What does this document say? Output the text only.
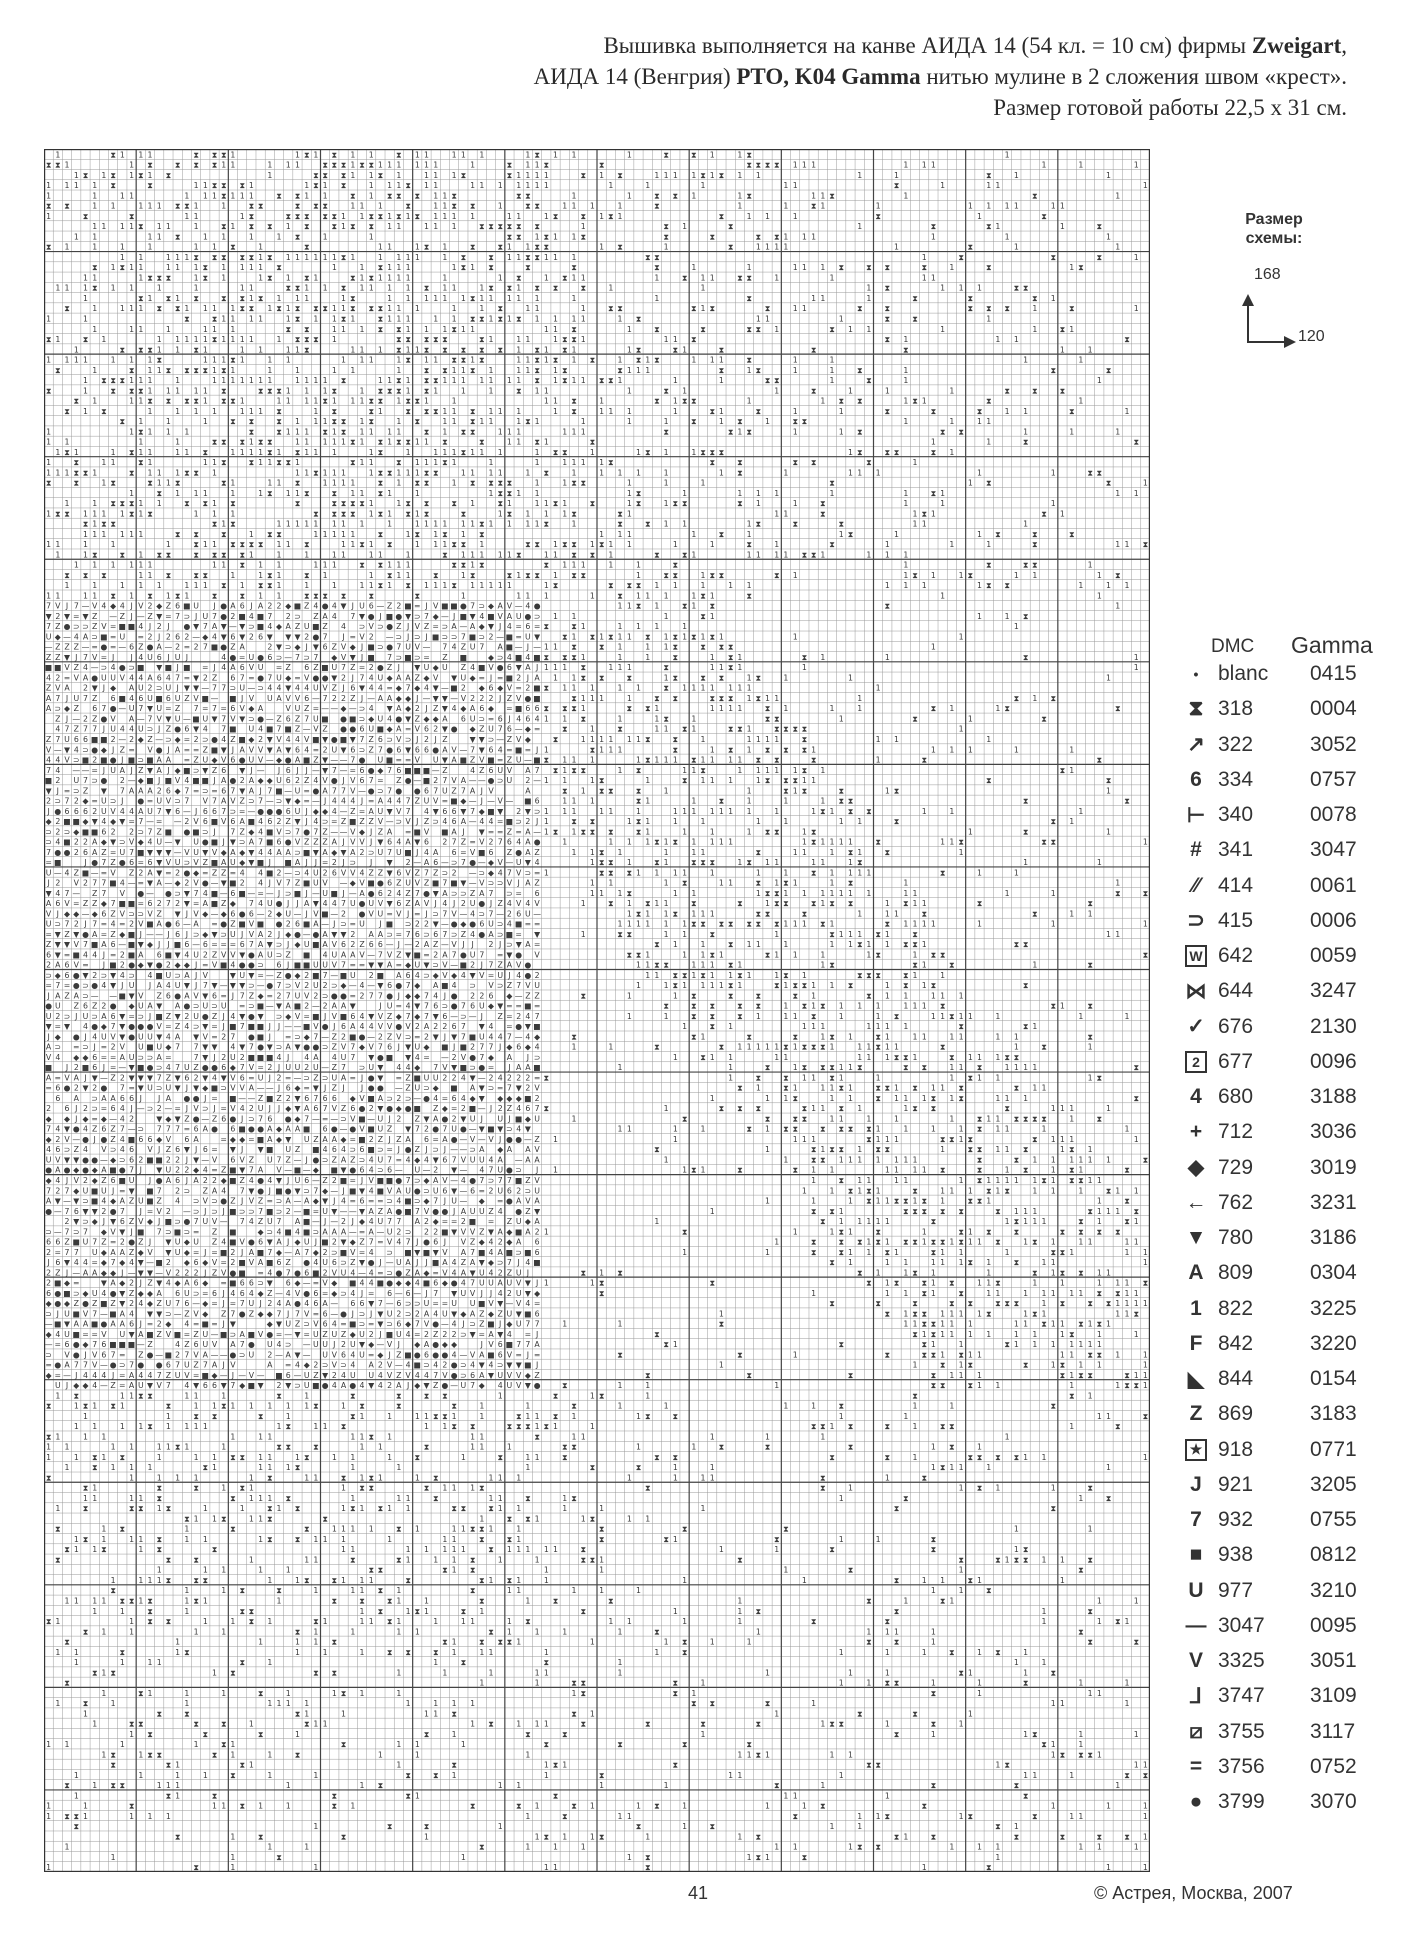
Вышивка выполняется на канве АИДА 14 (54 кл. = 10 см) фирмы Zweigart,
АИДА 14 (Венгрия) PTO, K04 Gamma нитью мулине в 2 сложения швом «крест».
Размер готовой работы 22,5 х 31 см.
1	⧗ 1 1 1	⧗ ⧗ ⧗ 1	1 ⧗ 1 ⧗ 1 1	⧗ 1 1	1 1 1	1 ⧗ 1 1	1	⧗	⧗ 1	1 ⧗	1
⧗ ⧗ 1	1 ⧗	⧗ ⧗ ⧗ 1 1	1 1 1	⧗ ⧗ ⧗ 1 ⧗ ⧗ 1 1 1 1 1 1	1	⧗ 1 1 ⧗	⧗	⧗ ⧗ ⧗ ⧗ 1 1 1	1 1 1	1	1	1
1 ⧗ 1 ⧗ 1 ⧗ 1 ⧗	1	⧗ ⧗ ⧗ 1 1 ⧗ 1	1 1 1 ⧗	⧗ 1 1 1 1	⧗ 1 ⧗	1 1 1 1 ⧗ 1 ⧗ 1 1	1	1	⧗	1	1
1 1 1 1 ⧗	⧗	1 1 ⧗ ⧗ ⧗ 1	1 ⧗ 1 ⧗	1 1 1 ⧗ 1 1	1 1 1 1 1 1 1	1	1	1	1 1	⧗	1	1 1	1
1	1	1 1	1 1 1 ⧗ 1 1 1	⧗ ⧗ 1 1	⧗ 1 ⧗ ⧗ ⧗ 1 1 ⧗	⧗ ⧗	1	1	⧗ ⧗ 1	1 ⧗	1 1 ⧗	1	⧗	1
⧗ ⧗	1 1	1 1 1 ⧗ ⧗ 1	1	⧗ ⧗	⧗ ⧗ ⧗	1 1 1	⧗	1 1 ⧗ ⧗	1	⧗ ⧗	1 1 1	1	⧗	1	1	⧗ 1	1	1 1 1 1	1 1
1	⧗	⧗	1 1	1 ⧗	⧗ ⧗ ⧗ ⧗ ⧗ 1 1 ⧗ ⧗ 1 ⧗ 1 ⧗ 1 1 1 1	1 1	1 ⧗	⧗ 1 ⧗ 1	⧗	1 1	1	⧗	1	⧗
1 1 1 1 ⧗ 1 1	1	⧗ 1 ⧗ ⧗ 1 ⧗	⧗ 1 ⧗ ⧗ 1 1	1 1 1	⧗ ⧗ ⧗ ⧗ ⧗ ⧗	1	⧗ 1	⧗	1	⧗	⧗ 1	1	⧗
1 1	1 1 ⧗	1 1	1	1 ⧗	1	1	⧗ ⧗ 1 ⧗ 1 1 ⧗	⧗	⧗	⧗ ⧗ 1 1 1	1	1	1
⧗ 1	1	1	1	1 1 ⧗	1	⧗	1 1	1 ⧗ 1	⧗	⧗ 1 1 ⧗ ⧗	1 ⧗	1	⧗	1 1 1 1	1	⧗	1	1
1 1	1 1 1 ⧗ ⧗ ⧗ ⧗ ⧗ 1 ⧗ 1 1 1 1 1 1 ⧗ 1	1 1 1 1	1 ⧗	⧗ 1 1 ⧗ ⧗ 1 1 1	⧗ ⧗	1	⧗	⧗	⧗	1
⧗ 1 ⧗ 1 1	1 1 1 ⧗ 1 1 1 1 ⧗	1	1 ⧗ 1 1 1	1 ⧗ 1 ⧗	⧗	⧗	⧗	1	1	1 1 1 ⧗	⧗ ⧗	⧗	1	⧗	1 ⧗
1 1	1 ⧗ ⧗ ⧗	1 ⧗ 1	1 ⧗ 1 ⧗ 1	⧗ 1 ⧗ 1 1 1 1	1	1 ⧗	1 ⧗ 1 1	1	⧗ 1 1	⧗ ⧗	1	1	1 1
1 1 1 ⧗ 1 1	1	1	1 1	⧗ ⧗ 1 1 ⧗ 1 1 1 1 ⧗ 1 1	1 ⧗ ⧗ 1 ⧗ ⧗	⧗	1	1	1 ⧗	1 1 1	⧗ ⧗
1	⧗ 1 ⧗ 1 ⧗	⧗ ⧗ 1 ⧗ 1 1 1	1 ⧗	1 1 1 1 1 1 ⧗ 1 1 1 1 1	1	1	⧗	1 1	1	⧗	⧗	⧗ 1
⧗	1	1 1 1 ⧗ ⧗ 1 1 1 1 ⧗ ⧗ 1 ⧗ 1 ⧗ ⧗ ⧗ 1 1 ⧗ ⧗ ⧗ 1 1 1	1	1 ⧗	1 1	1	⧗ ⧗	⧗ 1 ⧗	⧗	1 1	⧗	⧗	⧗ ⧗ ⧗	1	⧗	1
1	1	⧗	⧗ 1 1 1 1	1 ⧗ 1 1 ⧗ 1	⧗ 1 1 1	1 1 ⧗ ⧗ 1 ⧗ 1 ⧗ 1 1 1 1	1 ⧗	1 1	1	⧗	⧗	1
1	1 1	1	1 1 1	⧗ ⧗	1 1 1 ⧗ ⧗ 1 1 1 ⧗ 1 1	1 1 ⧗	1	⧗	⧗	⧗ ⧗ 1	⧗ 1 1	1	1	⧗ 1
⧗ 1	⧗ 1	1 1 1 1 1 ⧗ 1 1 1 1	1 ⧗ ⧗ ⧗ 1	⧗ ⧗ ⧗ ⧗ ⧗	⧗ 1	1 1	1 ⧗ ⧗ 1	1 1 ⧗	⧗ 1	1 1	⧗
1	⧗ ⧗ ⧗ 1 1 ⧗ 1	1 1	1 1 ⧗	1 1 1 ⧗ 1 1 ⧗ ⧗ ⧗ ⧗ ⧗ 1 ⧗ 1 ⧗ 1	1 ⧗	⧗ 1	⧗	⧗	⧗	1	1
1 1 1 1	1 1 1 ⧗	1 1 1 ⧗ 1	1 1	1 1 1	1 ⧗ 1 1 ⧗ ⧗ 1 ⧗	1 1 ⧗ 1 ⧗ 1 ⧗	1 ⧗ 1 ⧗	1 1 1	⧗	1	1	1	1
⧗	1	⧗ 1 1 ⧗ ⧗ ⧗ ⧗ 1 ⧗ 1	1	1	1 1	1	⧗ ⧗ 1 1 ⧗ 1	1 1 ⧗ 1 ⧗	⧗ 1 1 1	⧗	1 ⧗	1	1	⧗	1	⧗	⧗
1 ⧗ ⧗ ⧗ 1 1 1	1	1 1 1 1 1 1 1	1 1 1 1 ⧗	1 1 ⧗ 1 ⧗ ⧗ 1 1 1 1 1 1 1 ⧗ 1 ⧗ 1 1 ⧗ ⧗ 1	1	1	⧗ ⧗	1	⧗	1	1
⧗	1	⧗ ⧗ ⧗ 1 1 1 1 1 ⧗	⧗ ⧗ ⧗ 1 1 1 ⧗	1 ⧗ ⧗ ⧗ 1 ⧗ 1	1	1	⧗ 1 1	1	⧗ 1	1	⧗	1	1	1	⧗	⧗	⧗
⧗ 1	1 1 ⧗ ⧗ ⧗ ⧗ 1 ⧗ ⧗ 1	1 1 1 1 ⧗ 1 1 1 ⧗ ⧗ 1 ⧗ ⧗ 1	1	1 1 ⧗	1	⧗ 1 ⧗ ⧗	1	1 ⧗ ⧗	1 ⧗ 1	⧗	1
⧗ 1 ⧗	1	1 1 1	1 1 1 ⧗	1 ⧗	⧗ 1	⧗ ⧗ ⧗ 1 1 ⧗ 1 1 1	1 ⧗	1 1 1	1	⧗ 1	⧗	1	1	⧗	⧗	⧗	1 1	⧗	1
⧗ 1	1	1	⧗ ⧗	⧗ 1 1 1 ⧗ ⧗ 1 ⧗	1 ⧗	1 1 ⧗ 1 1	1 ⧗ 1	1	1	1	⧗	1 ⧗	1	⧗ ⧗	1	1	1 1
1	1 ⧗ 1 1 1	⧗	⧗ 1 1 1 ⧗ 1 ⧗ 1 1 1 1	⧗ 1 ⧗ ⧗	1 1 1	1 1 1	⧗	⧗ 1 ⧗	1	1 ⧗	⧗ ⧗	1	1	1
1 1	1	1	⧗ ⧗ ⧗ 1 ⧗ ⧗	1 1 1 1 1 ⧗ 1 ⧗ 1 ⧗ ⧗ 1 1 ⧗	⧗	1 1 ⧗ 1	⧗	1	1	⧗	⧗
1 ⧗ 1	1 ⧗ 1 1	1 1 ⧗	1 1 1 1 ⧗ 1 ⧗ 1 1 1	1 ⧗	1	1 1 1 ⧗ 1 1 1	1 ⧗ ⧗	1	1 ⧗ 1	1 ⧗ ⧗ ⧗	1 ⧗	⧗ ⧗	⧗ 1
1	⧗	1 1	⧗ 1	1 1 ⧗	⧗ 1 1 ⧗ ⧗ 1	⧗ 1 1	⧗ 1 1 1 ⧗ 1	1	1	1 1 1 1 ⧗	⧗	⧗	⧗ ⧗	⧗	1
1 1 1 ⧗ ⧗ 1	⧗ 1 1 1 ⧗ ⧗ 1	1 1 ⧗ 1 1 1	1 ⧗ ⧗ 1 1 1 ⧗ ⧗	1 1 1 1	1 ⧗	1	1 1 1	1	1 ⧗	1	1 1 1	1	1	⧗ ⧗
⧗	⧗	1 ⧗	⧗ 1 1 ⧗	⧗ 1	1 1 ⧗	1 1 1 1	⧗ 1 ⧗ ⧗	1 ⧗ ⧗ ⧗ ⧗	1	1 ⧗ ⧗	1	1	1	⧗	1 ⧗	⧗	1
1	⧗ 1 1 1	1	1 ⧗ 1 1 ⧗	⧗ 1 1 ⧗ 1	1	1 ⧗ ⧗ 1 1	1 ⧗	1	1 1 1	1	1	⧗ 1	1 1
1	1 ⧗ ⧗ ⧗ 1 1	⧗ ⧗ 1 ⧗	⧗	⧗ ⧗ ⧗ ⧗ 1	1 ⧗ ⧗	⧗ 1	⧗ 1	1 1 ⧗ 1	⧗	1 ⧗	1 ⧗ ⧗	⧗ 1	1	⧗	1	1	1
1 ⧗ ⧗ 1 1 1 1 ⧗ 1 ⧗	1 1 1	⧗ ⧗ ⧗ ⧗ 1 ⧗ 1 ⧗ 1 ⧗	⧗	1 ⧗ 1 1 1 ⧗	⧗ 1	1 1	⧗	1 ⧗ 1	⧗ 1
⧗ 1 ⧗ ⧗	⧗ 1 ⧗	1 1 1 1 1 1 1 1	1	1 1 1 1 1 1 ⧗ 1 1 1 1 ⧗	1	⧗	⧗ 1 1	1 ⧗	⧗	⧗	1 1	1
1 1 1 1 1 1	⧗ ⧗	⧗	1 ⧗ ⧗	1 1 1 1 1	⧗	1 ⧗ 1 ⧗ 1 ⧗	1 1 1	1	⧗	1	1 ⧗	1	1 ⧗	⧗	⧗
1 1	1	1	1	⧗ 1 1 ⧗ ⧗ ⧗ ⧗ 1 1 ⧗	1 1 ⧗ 1 ⧗	1 1 1 ⧗ ⧗ 1	⧗ ⧗ 1 ⧗ ⧗ 1 ⧗ 1 1	1	1	⧗	1	⧗	1	1	1	⧗	1 1 ⧗
1	1 ⧗	⧗ 1 ⧗ ⧗	⧗ ⧗ ⧗ ⧗ 1	1	1	1 1	1 1	1	⧗ 1 1 1 1 1 ⧗	1 1 ⧗ ⧗ 1	⧗	⧗ 1	1 1 1 1 ⧗ ⧗ 1	1 1 1
1 1 1 1 1 1	1 1 ⧗ 1 1	1 1 1	⧗ ⧗ 1 1 1	⧗ ⧗ 1 ⧗	⧗ 1 1 1	1	1	⧗	1	⧗	⧗ ⧗	1
⧗ ⧗ ⧗	1 1 ⧗	⧗ ⧗	1	1 ⧗ 1	⧗ 1	1 ⧗ 1 1	⧗	1 ⧗	⧗ 1 ⧗ ⧗ 1 ⧗ ⧗	1	⧗ ⧗	1 ⧗ ⧗	⧗ 1	1 ⧗ 1	1 ⧗	1 1	1 ⧗
1	1	1 1 1	1 1 1 ⧗ 1 ⧗ ⧗ 1	1	1	1 1 ⧗ 1 ⧗ 1 1 1 ⧗ 1 1 1 1 1	1 ⧗	⧗ ⧗ ⧗ 1 1	1	1 1	1 1 1	1 ⧗ ⧗	1	1 1
1 1	1 1 ⧗ 1 ⧗ 1 ⧗ 1	⧗	⧗ 1 1	⧗ ⧗ ⧗ ⧗	⧗	⧗	1	1 1 1	1	⧗ 1 1 1	1 ⧗ 1	⧗	1	1
7 V J 7 — V 4 ◆ 4 J V 2 ◆ Z 6 ■ U J ● A 6 J A 2 2 ◆ ■ Z 4 ● 4 ▼ J U 6 — Z 2 ■ = J V ■ ■ ● 7 ⊃ ◆ A V — 4 ●	1 1 ⧗ 1	⧗ 1 ⧗	⧗	1
▼ 2 ▼ = ▼ Z — Z J — Z ▼ = 7 ⊃ J U 7 ● 2 ■ 4 ■ 7 2 ⊃ Z A 4 7 ▼ ● J ■ ● ▼ ⊃ 7 ◆ — J ■ ▼ 4 ■ V A U ● ⊃ 1 1	1	⧗ 1	1	1 ⧗
7 Z ● ⊃ ⊃ Z V = ■ ■ 4 J 2 J ● ▼ 7 A ▼ — ▼ ⊃ ■ 4 ◆ A Z U ■ Z 4 ⊃ V ⊃ ● Z J V Z = ⊃ A — A ◆ ▼ J 4 = 6 = ⧗	⧗ 1	1 1 1	1	1
U ◆ — 4 A ⊃ ■ = U = 2 J 2 6 2 — ◆ 4 ▼ 6 ▼ 2 6 ▼ ▼ ▼ 2 ● 7 J = V 2 — ⊃ J ⊃ J ■ ⊃ ⊃ 7 ■ ⊃ 2 — ■ = U ▼	⧗ 1 ⧗ 1 ⧗ 1 1 ⧗ 1 ⧗ 1 ⧗ 1 ⧗ 1	1	1
— Z Z Z — = ● = — 6 Z ● A — 2 = 2 7 ■ ● Z A	2 ▼ ⊃ ◆ J ▼ 6 Z V ◆ J ■ ⊃ ● 7 U V — 7 4 Z U 7 A ■ — J — 1 1 ⧗	⧗ 1	1 1 ⧗	⧗ ⧗ ⧗	1
Z Z ▼ J 7 V = J J 4 U 6 J U J	4 ● = U ● 6 ⊃ — 7 ⊃ 7 ◆ V ▼ J ■ 7 ⊃ ■ ⊃ = Z ■	◆ ⊃ 4 ■ 4 ■ ⧗ ⧗ ⧗ 1	1	1	⧗	1 ⧗ 1	⧗ 1	1	⧗	1
■ ■ V Z 4 — ⊃ 4 ● ⊃ ■ ▼ ■ J ■ = J 4 A 6 V U = Z 6 Z ■ U 7 Z = 2 ● Z J ▼ U ◆ U Z 4 ■ V ● 6 ▼ A J 1 1 1 ⧗	1 1 1	⧗	1 1 ⧗ 1	1	1
4 2 = V A ● U U V 4 4 A 6 4 7 = ▼ 2 Z 6 7 = ● 7 U ◆ = V ● ● ▼ 2 J 7 4 U ◆ A A Z ◆ V ▼ U ◆ = J = ■ 2 J A 1 1 ⧗ ⧗	⧗	1 ⧗	⧗ ⧗	1 ⧗	1	1	1
Z V A 2 ▼ J ◆ A U 2 ⊃ U J ▼ ▼ — 7 7 ⊃ U — ⊃ 4 4 ▼ 4 4 U V Z J 6 ▼ 4 4 = ◆ 7 ◆ 4 ▼ — ■ 2 ◆ 6 ◆ V = 2 ■ ⧗ 1 1 1	1 1	⧗ 1 1 1 1 1 1 1	1
A 7 J U 7 Z 6 ■ 4 6 U ■ 6 U Z V ■ — ■ J V U A V V 6 — 7 2 2 Z J — A A ◆ ◆ J — ▼ ▼ — V 2 2 2 J Z V ● ■	⧗ 1 1 1	1	⧗ ⧗	⧗ ⧗ ⧗ 1 ⧗ 1 1	1	⧗ 1 ⧗
A ⊃ ◆ Z 6 7 ● — U 7 ▼ U = Z 7 = 7 = 6 V ◆ A	V U Z = — — ◆ — ⊃ 4 ▼ A ◆ 2 J Z ▼ 4 ◆ A 6 ◆ = ■ 6 6 ⧗ ⧗ ⧗ 1	⧗ ⧗ 1	1 1 1 1	⧗ 1	1	1	⧗ 1	1 ⧗	⧗
Z J — 2 Z ● V A — 7 V ▼ U — ■ U ▼ 7 V ▼ ⊃ ● — Z 6 Z 7 U ■ ● ■ ⊃ ◆ U 4 ● ▼ Z ◆ ◆ A 6 U ⊃ = 6 J 4 6 4 1 1 ⧗	1	1 ⧗	1	⧗ ⧗	1	⧗	1	⧗
4 7 Z 7 7 J U 4 4 U ⊃ J Z ● 6 ▼ 4 7 ■ U 4 ■ 7 ■ Z — V Z ● ● 6 U ■ ◆ A = V 6 2 ▼ ● ◆ Z U 7 6 — ◆ =	⧗	1	⧗	1 1 ⧗ 1	⧗ ⧗ 1	⧗ ⧗ ⧗ ⧗	1
Z 7 U 6 6 ■ ■ 2 — 2 ◆ Z — ⊃ ◆ = 2 ⊃ ● 4 Z ■ ◆ 2 ▼ V 4 4 V ■ ▼ ● ■ ▼ 7 Z 6 ⊃ V ⊃ J 2 J Z	▼ ▼ ⊃ — Z V ◆	⧗	1 1 1 1 1 1 ⧗	⧗	1	1 1 1 1	⧗	1 1	1
V — ▼ 4 ⊃ ● ◆ J Z = V ● J A = = Z ■ ▼ J A V V ▼ A ▼ 6 4 = 2 U ▼ 6 ⊃ Z 7 ● 6 ▼ 6 6 ● A V — 7 ▼ 6 4 = ■ = J 1	⧗ 1 1 1	⧗	1 ⧗ 1 ⧗ ⧗ ⧗ 1	1 1 1	1	1
4 4 V ⊃ ■ 2 ■ ● J ■ ⊃ ■ A A = Z U ◆ V 6 ● U V — ◆ ● A ■ Z ▼ — — 7 ● U ■ = = V U ▼ A ■ Z V ■ = Z U — ■ ⧗ 1 1 1	1 ⧗ 1 1 1 ⧗ 1 1 1 1 ⧗ ⧗	⧗	1	⧗	⧗
7 4 — — = J U A J Z ▼ A J ◆ ■ ⊃ ▼ Z 6 ▼ J — J 6 J J — ▼ 7 — = 6 ● ◆ 7 6 ■ ■ ■ — Z	4 Z 6 U V A 7 ⧗ 1 ⧗ ⧗	1 ⧗	1 1 ⧗	1 1 1 1 1 ⧗ 1	⧗ 1
■ 2 U 7 ⊃ ● 2 — ◆ ■ J ■ V 4 ■ ■ J A ● 2 A ◆ ◆ U 6 2 Z 4 V ● J V 6 7 = Z ● — ■ 2 7 V A — — ● ⊃ U 2 — 1 1	1 ⧗	1	⧗ 1 1 1	1 ⧗ ⧗ ⧗ 1 1	⧗	⧗
▼ J = ⊃ Z ▼ 7 A A A 2 6 ◆ 7 = ⊃ = 6 7 ▼ A J 7 ■ — U = ● A 7 7 V — ● ⊃ 7 ● ● 6 7 U Z 7 A J V	A	⧗ 1 ⧗ ⧗	⧗	1	1	⧗ 1 ⧗	⧗	1 ⧗	1
2 ⊃ 7 2 ◆ = U ⊃ J ● = U V ⊃ 7 V 7 A V Z ⊃ 7 — ⊃ ▼ ◆ = — J 4 4 4 J = A 4 4 7 Z U V = ■ ◆ — J — V — ■ 6	1 1 1	⧗ 1	1	⧗	1	1	1 ⧗ ⧗	⧗	⧗
J ● 6 6 6 2 U V 4 4 A U 7 ▼ 6 — J 6 6 7 ⊃ = — ● ● ● 6 U J ◆ ◆ 4 — Z = A U ▼ V 7 4 ▼ 6 6 ▼ 7 ◆ ■ ▼ 2 ▼ ⊃ 1 1 1	1 1	1	1 1 1 1 1 1 1	1	1 ⧗ 1 ⧗ ⧗	1	1	1
◆ 2 ■ ■ ◆ ▼ 4 ◆ ▼ = 7 — = — 2 V 6 ■ V 6 A ■ 4 6 2 Z ▼ J 4 ⊃ = Z ■ Z Z V — ⊃ V J Z ⊃ 4 6 A — 4 4 = ■ ⊃ 2 J 1	⧗ ⧗	1 ⧗ 1	1	1	1	1	1 1	⧗	⧗ 1
⊃ 2 ⊃ ◆ ■ ■ 6 2 2 ⊃ 7 Z ■ ● ■ ⊃ J 7 Z ◆ 4 ■ V ⊃ 7 ● 7 Z — — V ◆ J Z A = ■ V ■ A J ▼ = = Z = A — 1 ⧗ 1 ⧗ ⧗ ⧗	⧗ 1	1	1	1 ⧗ ⧗	1 ⧗	1	⧗	1
⊃ 4 ■ 2 2 A ◆ ▼ ⊃ V ◆ 4 U — ▼ U ● ■ J ▼ ⊃ A 7 ■ 6 ● V Z Z Z A J V V J ▼ 6 4 A ▼ 6 2 7 Z = V 2 7 6 4 A ●	1	1 1 1 ⧗ 1 ⧗ 1 1 1 1	1 ⧗ 1 1 1 1	⧗	1 1 ⧗	⧗ ⧗	1
7 ● ● 2 6 A Z = U 7 ■ ▼ ▼ ▼ — V U ▼ V ◆ A ◆ ▼ 4 4 A A ⊃ ■ ▼ A ◆ ▼ A 2 ⊃ U 7 U ■ J 4 A 6 = V ■ 6 Z ● A Z	1 1 ⧗ 1	1	1 1	⧗	1 1	1 ⧗ 1	⧗	1
= ■	J ● 7 Z ● 6 = 6 ▼ V U ⊃ V Z ■ A U ◆ ▼ ■ J ■ A J J = 2 J ⊃ J ▼ 2 — A 6 — ⊃ 7 ● — ◆ V — U ▼ 4	1 ⧗ ⧗ 1	⧗ 1	⧗ ⧗ ⧗	1 ⧗ 1 1	1 1	1 ⧗	1	1
U — 4 Z ■ — = V Z 2 A ▼ = 2 ● ◆ = Z Z = 4 4 ■ 2 — ⊃ 4 U 2 6 V V 4 Z Z ▼ 6 V Z 7 Z ⊃ 2 — ⊃ ◆ 4 7 V ⊃ = 1	⧗ ⧗ ⧗ 1 1 1 1	1	1	1	⧗ 1 1 1 1	⧗	1	1
J 2 V 2 7 7 ■ 4 — = ▼ A — ◆ 2 V ● — ▼ ■ 2 4 J V 7 Z ■ U V — ◆ V ■ ● 6 Z U V Z ■ 7 ■ ▼ — V ⊃ ⊃ V J A Z	1 1	1 ⧗	1 1	⧗ 1 ⧗ 1	1 ⧗	1	1
▼ 4 7 — Z 7 V ● — ● ⊃ ▼ 7 4 ■ — 6 ■ — = — J ⊃ ■ J — U ■ J — A ● 6 2 4 Z 7 ● ▼ A ⊃ ⊃ Z A 7 ⊃ = 6	1 1 1 ⧗	1 1	1 ⧗ ⧗ 1 1 1 1 1 1 1	1 1	1	1	⧗	⧗
A 6 V = Z Z ◆ 7 ■ ■ = 6 2 7 2 ▼ = A ■ Z ◆ 7 4 U ● J J A ▼ 4 4 7 U ● U V ▼ 6 Z A V J 4 J 2 U ● J Z 4 V 4 V	1	⧗ 1 ⧗ 1 1	⧗	⧗	1 ⧗ ⧗	⧗ 1 ⧗ ⧗	1 ⧗ 1 1	⧗	⧗
V J ◆ ◆ — ◆ 6 Z V ⊃ ⊃ V Z ▼ J V ◆ — ◆ 6 ● 6 — 2 ◆ U — J V ■ — 2 ● V U = V J = J ⊃ 7 V — 4 ⊃ 7 — 2 6 U —	1 ⧗ 1 1 ⧗ 1 1 1	⧗ ⧗	⧗	1	1 1	⧗	⧗	1 1
U ⊃ 7 2 J 7 = 4 = 2 V ■ A ● 6 — A = ● Z ■ V ■ ● 2 6 ■ A — J ⊃ = U J ■ ⊃ 2 2 ▼ — ● ◆ ● 6 U ⊃ 4 ■ = =	1 1 1 1 1 1 ⧗ ⧗ ⧗ ⧗ ⧗ ⧗ ⧗ 1 1 1 ⧗ 1	⧗ 1 1 1 1	1	1	1
= ▼ Z ▼ ● A = Z ◆ ■ J — — J 6 J ⊃ ◆ ▼ ⊃ U J V A 2 J ◆ ● — ● A ▼ ▼ 2 A A ⊃ = 7 6 ⊃ 6 7 ⊃ Z 4 ● A ⊃ ■ = ▼	1	⧗ ⧗	1 1	⧗	1	⧗ 1 1 1 ⧗ 1	⧗	1 1
Z ▼ ▼ V 7 ■ A 6 — ■ ▼ ◆ J J ■ 6 — 6 = = = 6 7 A ▼ ⊃ J ◆ U ■ A V 6 2 Z 6 6 — J — 2 A Z — V J J 2 J ⊃ ▼ A =	⧗ 1	1	⧗ 1 1	1	1 1 ⧗ 1 1 ⧗ ⧗ 1	⧗ ⧗
6 ▼ = ■ 4 4 J = 2 ■ A 6 ■ ▼ 4 U 2 Z V V ▼ ● A U ⊃ Z ■ 4 U A A V — 7 V Z ▼ ■ = 2 A 7 ● U 7 = ▼ ● V	⧗ ⧗ 1	1 1 ⧗ 1	⧗ 1 1	1	1 ⧗	1 ⧗ ⧗	⧗
2 A 6 V = J ■ 2 ● ◆ ▼ ● 2 ◆ ◆ J = V ■ 4 ● ● ⊃ 6 J ■ ■ U U V 7 = = ▼ ▼ A = ◆ U ▼ ⊃ V — ■ 2 J 7 Z A V ●	1 1 ⧗ ⧗	1 1 1 ⧗ 1	1 ⧗	⧗ 1	⧗	1	⧗
⊃ ◆ 6 ● ▼ 2 ⊃ ▼ 4 ⊃ 4 ■ U ⊃ A J V	▼ U ▼ = — Z ● ◆ 2 ■ 7 — ■ U 2 ■ A 6 4 ⊃ ◆ V ◆ 4 ▼ V = U J 4 ● 2	1 1 ⧗ ⧗ 1 ⧗ 1 1 ⧗ 1	1 ⧗ 1	⧗ ⧗ ⧗	⧗ 1	1
= 7 = ● ⊃ ● 4 ▼ J U J A 4 U ▼ J 7 ▼ — ▼ ▼ ⊃ — ● 7 ⊃ V 2 U 2 ⊃ ◆ — 4 — ▼ 6 ● 7 ◆ A ■ 4 ⊃ V ⊃ Z 7 V U	1	1 ⧗ 1 1 1 1 ⧗ 1	⧗ 1 ⧗ ⧗ 1 1 ⧗	1 ⧗ 1 ⧗	⧗
J A Z A ⊃ — — ■ ▼ V Z 6 ● A V ▼ 6 = J 7 Z ◆ = 2 7 U V 2 ⊃ ● ● = 2 7 7 ● J ◆ ◆ 7 4 J ● 2 2 6 ◆ — Z Z	⧗	1	1 ⧗	⧗	⧗	⧗ 1	⧗ 1 1	1 1 1
● U Z 6 Z 2 ● ◆ U A ▼ A ● ⊃ U ⊃ U = ⊃ ■ — ▼ A ■ 2 — 2 A A ▼	J U = 4 ▼ 7 6 ⊃ ● 7 6 U ◆ ▼ = = ■ =	⧗	⧗ ⧗	⧗ ⧗	1 ⧗ 1 ⧗ 1 1 1	1 1 1 ⧗	⧗ 1	⧗
U 2 ⊃ J U ⊃ A 6 ▼ = ⊃ J ■ Z ▼ 2 U ● Z J 4 ▼ ● ▼ ⊃ ◆ V = ■ J V ■ 6 4 ▼ V Z ◆ 7 ◆ 7 ▼ 6 — ⊃ — J Z = 2 4 7	1	1	⧗ ⧗	⧗ 1	1 1 ⧗	1	1 ⧗	1 1 ⧗ 1 1	1	1	1
▼ = ▼ 4 ● ◆ 7 ▼ ● ● ● V = Z 4 ⊃ ▼ = J ■ 7 ■ ■ J J — — ■ V ● J 6 A 4 4 V V ● V 2 A 2 2 6 7 ▼ 4 = ● ▼ ■	1	⧗ 1	1 1 1	1 1 1 1	⧗	⧗ 1
J ◆ ● J 4 U V ▼ ● U U ▼ 4 A ▼ V = 2 7 ● ■ J = ⊃ ◆ 7 — Z 2 ■ ● — 2 Z V ⊃ = 2 ▼ J ▼ 7 ■ U 4 4 7 — 4 ◆	⧗	⧗ 1	⧗	⧗	1 ⧗ 1	⧗ 1	1 1	1 1	1 1	⧗
A ⊃ = ⊃ J = 2 V U ■ U ◆ 7 7 ▼ ▼ 4 ▼ 7 ● ▼ ⊃ A ▼ ● ● ⊃ Z V 7 ◆ V 7 6 J ▼ U ◆ ■ J ■ 2 7 7 J ◆ 6 ◆ 4	1	1	⧗	⧗ 1 1 1 1 1 ⧗ 1 ⧗ ⧗ ⧗ 1	1 1 ⧗ 1 1	⧗	1	⧗	1
V 4 ◆ ◆ 6 = = A U ⊃ ⊃ A =	7 ▼ J 2 U 2 ■ ■ ■ 4 J 4 A 4 U 7 ▼ ● ■ ▼ 4 = — 2 V ● 7 ◆ A J ⊃	1	⧗ 1 1	1 1	1 1 1 ⧗ ⧗ 1	⧗ 1 1 1 ⧗ ⧗
■ J 2 ■ 6 J = — ▼ ■ ● ⊃ 4 7 U Z ● ● 6 ◆ 7 V = 2 J U U 2 U — Z 7 ⊃ U ▼ 4 4 ◆ 7 V ▼ ■ ⊃ ● = J A A ■	1	1	⧗	1 ⧗ ⧗ ⧗ 1 1 ⧗	⧗ ⧗	1 1 ⧗	1 1 1 1	⧗
A = V A J ▼ — Z 2 ▼ ▼ ▼ 7 Z ▼ 6 2 ▼ 4 ▼ V 6 = U J 2 = — ⊃ Z ⊃ U A = J ● ▼ = Z ■ U U 2 2 4 ▼ — 2 4 2 2 2 = ⧗	1	⧗	⧗ 1 1 ⧗ 1	1	1 ⧗ 1 1	1 ⧗
= 6 ● 2 ▼ 2 ● 7 = ▼ U ⊃ U ▼ J ▼ ◆ ■ ⊃ V V A — — J 6 ◆ = ▼ J Z J J ● ● — Z U ⊃ ◆ ■ A ▼ ⊃ = 7 ▼ 2 V	⧗ 1	⧗ 1	1 1 ⧗ 1	⧗ ⧗ 1 ⧗ 1 1 ⧗	⧗ 1 1
6 A ⊃ A A 6 6 J J A ● ● J = ■ — — Z ■ Z 2 ▼ 6 7 6 6 ◆ V ■ A ⊃ 2 ⊃ — ● 4 = 6 4 ◆ ▼ ◆ ◆ ◆ ■ 2	1	1 1 ⧗	1 1	⧗ 1 1 1 ⧗ 1 ⧗	1 1 1	⧗
2 6 J 2 ⊃ = 6 4 J — ⊃ 2 — = J V ⊃ J = V 4 2 U J J ◆ ▼ A 6 7 V Z 6 ● 2 ▼ ● ◆ ● ■ Z ◆ = 2 ■ — J 2 Z 4 6 7 ⧗	1	⧗ ⧗ ⧗	⧗ 1 1 ⧗ 1	1 ⧗ ⧗	⧗	1 1 1	1
◆ ◆ J ◆ = ◆ — 4 2	▼ ◆ ▼ Z ● — Z 6 ● J ⊃ 7 6 ● ◆ 7 — = — ⊃ V ■ — U J 2 Z ▼ A ● 2 ▼ U J U J ■ ◆ U	1	⧗	⧗	⧗ ⧗	1 1	1	1	1	⧗ 1 1 ⧗ ⧗ ⧗ ⧗	1	⧗
7 4 ▼ ● 4 Z 6 Z 7 — ⊃ 7 7 7 = 6 A ● 6 ■ ● ● A ◆ A A ■ 6 ● — ● V ■ U Z ▼ 7 2 ● 7 U ● — ▼ ■ ▼ ⊃ 4 ▼	1 1	1	1	⧗ 1 ⧗ ⧗	⧗ ⧗ ⧗ ⧗ 1	1	1	1 ⧗ 1 1	1	1
◆ 2 V — ● J ● Z 4 ■ 6 6 ◆ V 6 A	= ◆ ◆ = ■ A ◆ ▼ U Z A A ◆ = ■ 2 Z J Z A 6 = A ● — V — V J ● ● — Z 1	1	1 1 1	⧗ 1 1 1	⧗ ⧗ 1 ⧗	⧗ 1 1 1	1
4 6 ⊃ Z 4 V ⊃ 4 6 V J Z 6 ▼ J 6 = ▼ J ▼ ■ U Z ■ 4 6 4 ⊃ 6 ■ ⊃ = J ● Z J ⊃ J — — ⊃ A ◆ A A V	⧗	1	⧗ 1 ⧗ ⧗ 1 ⧗ ⧗	1	⧗ ⧗ 1 1 ⧗	1 ⧗ 1
U V ▼ ▼ ● ● — ◆ ⊃ 6 2 ■ ■ 2 2 J ▼ — V 6 V Z U 7 Z — J ● ⊃ Z A Z ⊃ 4 U 7 = 4 ◆ 4 ▼ 6 7 V U U 4 A — A A	1	1	⧗ ⧗ 1 1 1 1 1 1 1	⧗	⧗ 1 1 1 1 1 1	⧗
● A ● ◆ ● ◆ A ■ ● 7 J ▼ U 2 2 ◆ 4 = Z ■ ▼ 7 A V — ■ — ◆ ■ ▼ ● 6 4 ⊃ 6 — U — 2 ▼ — 4 7 U ● ⊃ J 1	1 ⧗ 1	⧗	⧗ 1 1	1 1 1 1 ⧗	⧗	1 ⧗	1 ⧗ 1	⧗
◆ 4 J V 2 ◆ Z 6 ■ U J ● A 6 J A 2 2 ◆ ■ Z 4 ● 4 ▼ J U 6 — Z 2 ■ = J V ■ ■ ● 7 ⊃ ◆ A V — 4 ● 7 ⊃ 7 7 ■ Z V	1	⧗ 1 1	1 1	1 ⧗ 1 1 1 1 1 ⧗ 1 ⧗ ⧗ 1 1
7 2 7 ◆ U ■ U J = ▼ ■ 7 2 ⊃ Z A 4 7 ▼ ● J ■ ● ▼ ⊃ 7 ◆ — J ■ ▼ 4 ■ V A U ● ⊃ U 6 ▼ — 6 = 2 U 6 2 ⊃ U	1	1 ⧗ 1 ⧗ 1	⧗	1 1 1 ⧗ 1 ⧗	1 1	1	⧗ 1 1
A ▼ — ▼ ⊃ ■ 4 ◆ A Z U ■ Z 4 ⊃ V ⊃ ● Z J V Z = ⊃ A — A ◆ ▼ J 4 = 6 = = ⊃ 4 ■ ⊃ ◆ 7 J U — ◆ = ● A V A	1	1	1 ⧗ 1 1 ⧗ ⧗ 1 ⧗ 1	⧗ ⧗ 1	1	⧗
● — 7 6 ▼ ▼ 2 ● 7 J = V 2 — ⊃ J ⊃ J ■ ⊃ ⊃ 7 ■ ⊃ 2 — ■ = U ▼ — — ▼ A Z A ● ■ 7 V ● ● J A U U Z 4 ● Z ▼	1	⧗ ⧗ 1	⧗ ⧗ ⧗ ⧗ ⧗	⧗ 1 1 1	⧗ 1 1 1 ⧗
2 ▼ ⊃ ◆ J ▼ 6 Z V ◆ J ■ ⊃ ● 7 U V — 7 4 Z U 7 A ■ — J — 2 J ◆ 4 U 7 7 A 2 ◆ = = 2 ■ = Z U ◆ A	1	⧗ 1 1 1 1 1	⧗	1 ⧗ 1 1 1	⧗ 1	⧗ 1
⊃ — 7 ⊃ 7 ◆ V ▼ J ■ 7 ⊃ ■ ⊃ = Z ■	◆ ⊃ 4 ■ 4 ■ ⊃ A A A — = A — U 2 ⊃ 2 2 ■ ▼ V V Z ▼ A ◆ ■ A 2 1	⧗	1	1 ⧗ 1	⧗	1	⧗ 1 ⧗	⧗	⧗ ⧗ ⧗ ⧗
6 6 Z ■ U 7 Z = 2 ● Z J ▼ U ◆ U Z 4 ■ V ● 6 ▼ A J ◆ U J ■ 2 ▼ ◆ Z 7 = V 4 7 J ● 6 J V Z ◆ 4 2 ◆ A 6	1	⧗	⧗ ⧗ 1 ⧗ 1 ⧗ ⧗ 1 ⧗ ⧗ 1 ⧗ 1 1 ⧗	1 ⧗ 1	1 1	1 1
2 = 7 7 U ◆ A A Z ◆ V ▼ U ◆ = J = ■ 2 J A ■ 7 ◆ — A 7 ◆ 2 ⊃ ■ V = 4 ⊃ ■ ▼ ■ ▼ V A 7 ■ 4 A ■ ⊃ ■ 6	1	1	⧗	⧗ 1 1 ⧗ 1	⧗ 1 1	1	⧗ ⧗ 1	1 1
J 6 ▼ 4 4 = ◆ 7 ◆ 4 ▼ — ■ 2 ◆ 6 ◆ V = 2 ■ V A ■ 6 Z ● 4 U 6 ⊃ Z ▼ ● J — U A J J ■ A 4 Z A ▼ ◆ ⊃ 7 J 4 ■	⧗ 1	1 1	1 1 1 ⧗ 1	⧗	1 1	1
2 Z J — A A ◆ ◆ J — ▼ ▼ — V 2 2 2 J Z V ● ■ = 4 ● 7 ● 6 ■ 2 V U 4 — 4 = ⊃ ● Z A ◆ = V 4 A ▼ U 4 2 Z U J	⧗ 1 ⧗	⧗ 1	1 ⧗ 1	1	⧗ 1 ⧗ ⧗ 1 1
2 ■ ◆ =	▼ A ◆ 2 J Z ▼ 4 ◆ A 6 ◆ = ■ 6 6 ⊃ ▼ 6 ◆ — = V ◆ ■ 4 4 ■ ● ◆ ◆ 4 ■ 6 ◆ ● 4 7 U U A U V ▼ J 1	1 ⧗	⧗	⧗ 1 ⧗	⧗ 1 ⧗	1 1 ⧗	1	1	1 1 1 ⧗
6 ● ■ ⊃ ◆ U 4 ● ▼ Z ◆ ◆ A 6 U ⊃ = 6 J 4 6 4 ◆ Z — 4 V ● 6 = ◆ ⊃ 4 J = 6 — 6 — J 7 ▼ U V J J 4 2 U ▼ ◆	⧗	1	1 1 ⧗ 1	⧗	1 1	1 1 1 1 1 ⧗ ⧗ 1 1
◆ ● ◆ Z ● Z ■ Z ▼ 2 4 ◆ Z U 7 6 — ◆ = J = 7 U J 2 4 A ● 4 6 A — 6 6 ▼ 7 — 6 ⊃ ⊃ U = = U U ■ V ▼ — V 4 =	⧗	⧗	⧗	⧗ ⧗	⧗ ⧗ ⧗	1 ⧗	⧗ ⧗ 1 1 1 1
⊃ J U ■ V 7 — ■ A 4 ▼ ▼ ⊃ — Z V ◆ Z 7 ● Z ◆ ◆ 7 J 7 V = 6 — ● J ⊃ J ▼ U 2 ⊃ 2 A 4 U ▼ ◆ A Z ◆ Z U ▼ ■ 6	1	⧗ 1 ⧗ ⧗ 1 1 1 1 ⧗	1 ⧗ 1	1 1 ⧗
— ■ ▼ A A ■ ● A A 6 J = 2 ◆ 4 = ■ = J ▼	◆ ▼ U Z ⊃ V 6 4 = ■ ⊃ = ▼ ⊃ 6 ◆ 7 V ● — 4 J ⊃ Z ■ J ◆ U 7 7	1	1	⧗	1 1 ⧗ ⧗ 1 1 1	1 1 ⧗ 1 1 ⧗ 1 ⧗ 1
◆ 4 U ■ = = V U ▼ A ■ Z V ■ = Z U — ■ ⊃ A ■ V ● = — ▼ = U Z U Z ◆ U 2 J ■ U 4 = 2 Z 2 2 ⊃ ▼ = A ▼ 4 = J	⧗	⧗ 1 ⧗ 1 1 1 1	1 1	1 ⧗	1	1
— = 6 ● ◆ 7 6 ■ ■ ■ — Z	4 Z 6 U V A 7 ● U 4 ⊃ — U U J 2 U ▼ ◆ — V J ◆ A ● ◆ ◆	J V 6 ■ 7 7 A	⧗ 1	⧗	⧗ 1	1	⧗ 1 1 1 1 1 1 1
⊃ V ● J V 6 7 = Z ● — ■ 2 7 V A — — ● ⊃ U 2 — A ▼ — U V 6 4 U = ◆ J Z ■ ● 6 ● ● 4 — V A ■ 6 V = J =	⧗	⧗	1	⧗	⧗ ⧗ 1 ⧗ 1 1	1 1 ⧗ ⧗ 1	1
= ● A 7 7 V — ● ⊃ 7 ● ● 6 7 U Z 7 A J V	A = 4 ◆ 2 ⊃ V ⊃ 4 A 2 V — 4 ■ ⊃ 4 2 ● ⊃ 4 ▼ 4 ⊃ ▼ ▼ ■ J	1	1	⧗ 1 ⧗	⧗	1 ⧗ 1 1	1
◆ = — J 4 4 4 J = A 4 4 7 Z U V = ■ ◆ — J — V — ■ 6 — U Z ▼ 2 4 U U 4 V Z V 4 4 7 V ● ⊃ 6 A ▼ U V V ◆ Z	⧗	⧗	⧗	⧗ 1 1 1	⧗ 1 ⧗ ⧗	⧗ 1 1
U J ◆ ◆ 4 — Z = A U ▼ V 7 4 ▼ 6 6 ▼ 7 ◆ ■ ▼ 2 ▼ ⊃ U ■ ● 4 A ● 4 ▼ 4 2 A J ◆ ▼ Z ● — U 7 ◆ 4 U V ▼ ●	⧗	1	1	1	⧗ ⧗	⧗ 1 1	1	1 ⧗ ⧗ 1
1 ⧗	1 1 ⧗ ⧗	1 1	1	⧗	1	⧗	⧗	⧗ ⧗	1	⧗	1 ⧗	1	⧗	⧗ 1
⧗	1 ⧗ 1 ⧗ 1	⧗	1 1 ⧗ 1 1 1 1 1 ⧗	1 ⧗	⧗	⧗	1	1	⧗	1	1	1	1	⧗	1	1	⧗
1	1	⧗ ⧗	⧗	1	⧗ 1	1	1 1 ⧗ ⧗ 1	1	⧗ 1 1 ⧗ 1	1 ⧗	⧗	1	1	1 1	⧗
1 1	1 1 ⧗ 1 1 1 1	1 ⧗	1 1 ⧗	1 1 ⧗ ⧗	⧗ ⧗ ⧗ 1 ⧗ 1	1	⧗ ⧗ 1 ⧗	⧗	1	⧗ ⧗	1	⧗
⧗ 1	1 1	1	1 1	1 1 ⧗ 1	1 1	⧗	1 1	1	1	1	1
1 1	1 1	1 1 ⧗ 1	1	⧗ ⧗	⧗	1 1	⧗	1 1	1	⧗ ⧗	1	1	⧗	⧗	⧗	1 ⧗	1
1	1 ⧗ 1 ⧗	1	1 1 ⧗ ⧗ 1 1	1 ⧗	1 1	1	⧗	1	⧗	1 1	⧗	⧗ ⧗	⧗	⧗	1	⧗ ⧗ ⧗ ⧗ 1 1	1
1	⧗ 1 1 1	⧗ 1	1 1 1 ⧗	1	1	1	⧗	⧗	1	1	1 ⧗ 1 1	1	1
⧗	1	1 1 1	1 ⧗	1 1	⧗ 1 ⧗ 1	1 ⧗	1 1 1	1	1	1 1	⧗	1	⧗
⧗ 1	⧗	⧗	1 ⧗ 1	1 ⧗ ⧗	⧗ 1 1 1 ⧗	⧗	⧗	1	1 ⧗ 1	1	⧗
1 1	1 1 ⧗	⧗ 1 1 1 ⧗	1	1 1	⧗	1 1	⧗	1 ⧗	1	⧗	1	⧗
1	⧗	⧗ ⧗ 1 ⧗	1	1	⧗ 1 ⧗	1 ⧗ 1 ⧗ 1 1	⧗ ⧗	⧗ 1 1	1	1	1	⧗	⧗
⧗ 1 1 ⧗	1 1 ⧗	⧗	1	⧗ ⧗ 1	1 ⧗	1 1
⧗	1 ⧗	1	⧗	⧗	1 1 1 1	⧗ 1	1 1 ⧗ ⧗ 1	1	⧗	⧗	⧗	1	1
1 ⧗ 1	1 1 ⧗	1 1	1 ⧗	⧗ 1 1 1	1	1 1	⧗	⧗ 1	⧗	⧗ 1	⧗	1	1	⧗
⧗ 1 1 ⧗	1 ⧗	⧗	1 1	1 1 1 1 1	⧗ 1 1 1 1 1	⧗	1	1	⧗	⧗	1 ⧗
⧗	⧗	⧗	1	1 1	⧗	⧗ 1	1 1 ⧗	1	1	⧗ ⧗ 1	⧗	⧗	⧗ 1 ⧗ ⧗ 1 1	⧗
1	1 1	1	1	⧗ ⧗	⧗ 1 ⧗	1	1	1	⧗	1	⧗
1	1 1 1 ⧗	⧗ ⧗	1	1 ⧗	⧗ 1 1 1	⧗	⧗ 1 ⧗ 1	1	1	1	⧗	1 1	⧗ 1	1
⧗	1	1 ⧗	⧗	1	1 1 ⧗ 1	⧗	1 1	1	1	1	1	1	⧗
1 1 1 1 ⧗ ⧗ 1 ⧗	1 ⧗ 1	1	⧗	⧗	⧗ 1	1	⧗	1	⧗	⧗	1	⧗	1	⧗ 1	1	1
1	1	⧗	1	⧗ ⧗	1 ⧗	1 ⧗ 1	⧗ 1	⧗	1	1 ⧗	⧗	1	⧗
⧗ 1	1 ⧗ ⧗	1	1 ⧗ 1	⧗ 1	1 1 ⧗ 1	1	1 1	1 ⧗	1 1	1	1	⧗	⧗	1	1 ⧗ 1
⧗ 1	1	1	1	⧗ 1	1	1 1	⧗ 1	1	1	1	⧗	1	1 1 1	1	⧗
⧗	1	1	1 1 ⧗	⧗ 1	⧗ ⧗ ⧗ 1	1	1 ⧗	1	1	⧗	⧗	1	⧗	⧗
1 1	⧗	1 ⧗	1	1	1	⧗ ⧗	⧗ 1	1 1	1	1	⧗	1	1	1	⧗	1 ⧗	1
1	1	1 1	⧗	1	1	⧗	⧗	1	1	1
⧗ 1 ⧗	1 ⧗	⧗ ⧗	1	1	1	1 1	1	1	1	1	⧗ 1	1	⧗
⧗	1	1	⧗ ⧗	⧗	1	1	1 ⧗ ⧗	1	1	⧗	1	1
1	⧗ 1	1	1	⧗	1	1 ⧗ 1	1	1 ⧗	⧗ 1	⧗	1	1 1
1	⧗	1	1	1 1 1 1	1	1 1 1	⧗ ⧗	⧗	1	1 1	1
1	⧗	⧗	⧗ 1	1	1 1 ⧗	⧗ 1	1	⧗	⧗	1
1	⧗ ⧗	⧗	⧗	1	⧗ 1 1	1 ⧗	1 1 1	⧗	⧗	⧗	⧗	1 ⧗ ⧗	1	⧗	1
1 ⧗	⧗	⧗	1	⧗	1	⧗	⧗	1	⧗	1	1 ⧗	1	1
1 1	1	1	⧗ 1	⧗	1 1	1	⧗	⧗	⧗	⧗	⧗ 1	1
1 ⧗	1 ⧗ ⧗	⧗ 1	1	⧗	1	1	1	1 1 ⧗ 1	1 1	1 ⧗ ⧗ ⧗ 1
⧗	⧗ 1	⧗ 1	1	⧗	1 ⧗ 1	⧗	⧗ ⧗	1 ⧗	1 1
1	1	1	1	⧗	1	1	⧗	⧗ 1	1	⧗	1 1	1	1 1	1	⧗ ⧗
⧗	1 ⧗ ⧗	1 1 1	1	1 ⧗	1 1	1	1	⧗	1	⧗	⧗	1
1	⧗ 1	⧗	⧗	⧗ 1	⧗	1 1	1	⧗
1	1	⧗	1 1 ⧗ 1	1	⧗ 1	⧗	⧗ 1	⧗ 1	1 ⧗	1	1	1 ⧗	⧗	1	1	1
1 ⧗ ⧗ 1	1 1 1	1	⧗	1 1	⧗	1 1 ⧗	1 ⧗	⧗	1 1	1
⧗	1	⧗	⧗	1	⧗	1	⧗	1	1	⧗ 1
⧗	1	⧗	⧗	1	1 ⧗ 1	1 ⧗	1	1 ⧗	⧗ 1	⧗	⧗	⧗	⧗	⧗ 1
1	1	1	⧗	1	1	1	1 1	1 ⧗ ⧗	1	1 1	1 1	1
1	1	⧗	1	1 ⧗	1 ⧗ 1	⧗	1
1	⧗	1	1	1 1	⧗	1	⧗	1	1
Размер
схемы:
168
120
DMC Gamma
• blanc 0415
⧗ 318	0004
↗ 322	3052
6 334	0757
⊢ 340	0078
# 341	3047
⁄⁄ 414	0061
⊃ 415	0006
W 642	0059
⋈ 644	3247
✓ 676	2130
2 677	0096
4 680	3188
+ 712	3036
◆ 729	3019
← 762	3231
▼ 780	3186
A 809	0304
1 822	3225
F 842	3220
◣ 844	0154
Z 869	3183
★ 918	0771
J 921	3205
7 932	0755
■ 938	0812
U 977	3210
— 3047 0095
V 3325 3051
⅃ 3747 3109
⧄ 3755 3117
= 3756 0752
● 3799 3070
41	© Астрея, Москва, 2007
